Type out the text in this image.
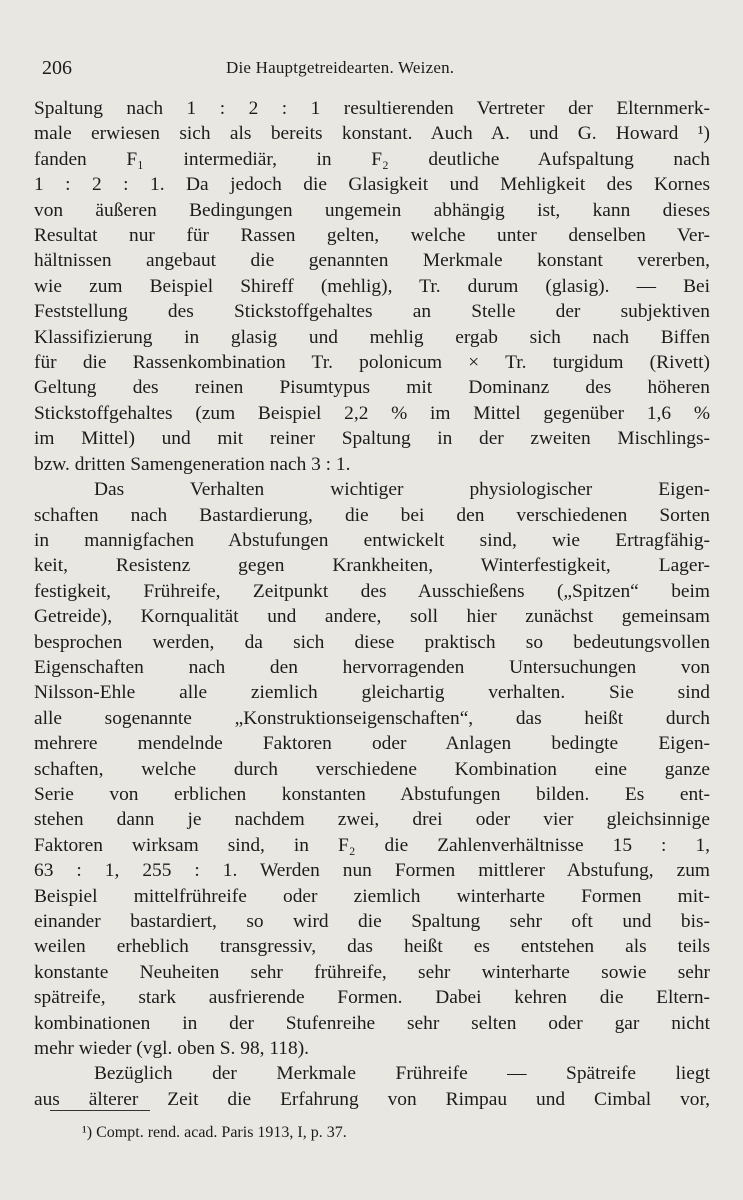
206	Die Hauptgetreidearten. Weizen.
Spaltung nach 1 : 2 : 1 resultierenden Vertreter der Elternmerk-
male erwiesen sich als bereits konstant. Auch A. und G. Howard ¹)
fanden F₁ intermediär, in F₂ deutliche Aufspaltung nach
1 : 2 : 1. Da jedoch die Glasigkeit und Mehligkeit des Kornes
von äußeren Bedingungen ungemein abhängig ist, kann dieses
Resultat nur für Rassen gelten, welche unter denselben Ver-
hältnissen angebaut die genannten Merkmale konstant vererben,
wie zum Beispiel Shireff (mehlig), Tr. durum (glasig). — Bei
Feststellung des Stickstoffgehaltes an Stelle der subjektiven
Klassifizierung in glasig und mehlig ergab sich nach Biffen
für die Rassenkombination Tr. polonicum × Tr. turgidum (Rivett)
Geltung des reinen Pisumtypus mit Dominanz des höheren
Stickstoffgehaltes (zum Beispiel 2,2 % im Mittel gegenüber 1,6 %
im Mittel) und mit reiner Spaltung in der zweiten Mischlings-
bzw. dritten Samengeneration nach 3 : 1.
Das Verhalten wichtiger physiologischer Eigen-
schaften nach Bastardierung, die bei den verschiedenen Sorten
in mannigfachen Abstufungen entwickelt sind, wie Ertragfähig-
keit, Resistenz gegen Krankheiten, Winterfestigkeit, Lager-
festigkeit, Frühreife, Zeitpunkt des Ausschießens („Spitzen“ beim
Getreide), Kornqualität und andere, soll hier zunächst gemeinsam
besprochen werden, da sich diese praktisch so bedeutungsvollen
Eigenschaften nach den hervorragenden Untersuchungen von
Nilsson-Ehle alle ziemlich gleichartig verhalten. Sie sind
alle sogenannte „Konstruktionseigenschaften“, das heißt durch
mehrere mendelnde Faktoren oder Anlagen bedingte Eigen-
schaften, welche durch verschiedene Kombination eine ganze
Serie von erblichen konstanten Abstufungen bilden. Es ent-
stehen dann je nachdem zwei, drei oder vier gleichsinnige
Faktoren wirksam sind, in F₂ die Zahlenverhältnisse 15 : 1,
63 : 1, 255 : 1. Werden nun Formen mittlerer Abstufung, zum
Beispiel mittelfrühreife oder ziemlich winterharte Formen mit-
einander bastardiert, so wird die Spaltung sehr oft und bis-
weilen erheblich transgressiv, das heißt es entstehen als teils
konstante Neuheiten sehr frühreife, sehr winterharte sowie sehr
spätreife, stark ausfrierende Formen. Dabei kehren die Eltern-
kombinationen in der Stufenreihe sehr selten oder gar nicht
mehr wieder (vgl. oben S. 98, 118).
Bezüglich der Merkmale Frühreife — Spätreife liegt
aus älterer Zeit die Erfahrung von Rimpau und Cimbal vor,
¹) Compt. rend. acad. Paris 1913, I, p. 37.
